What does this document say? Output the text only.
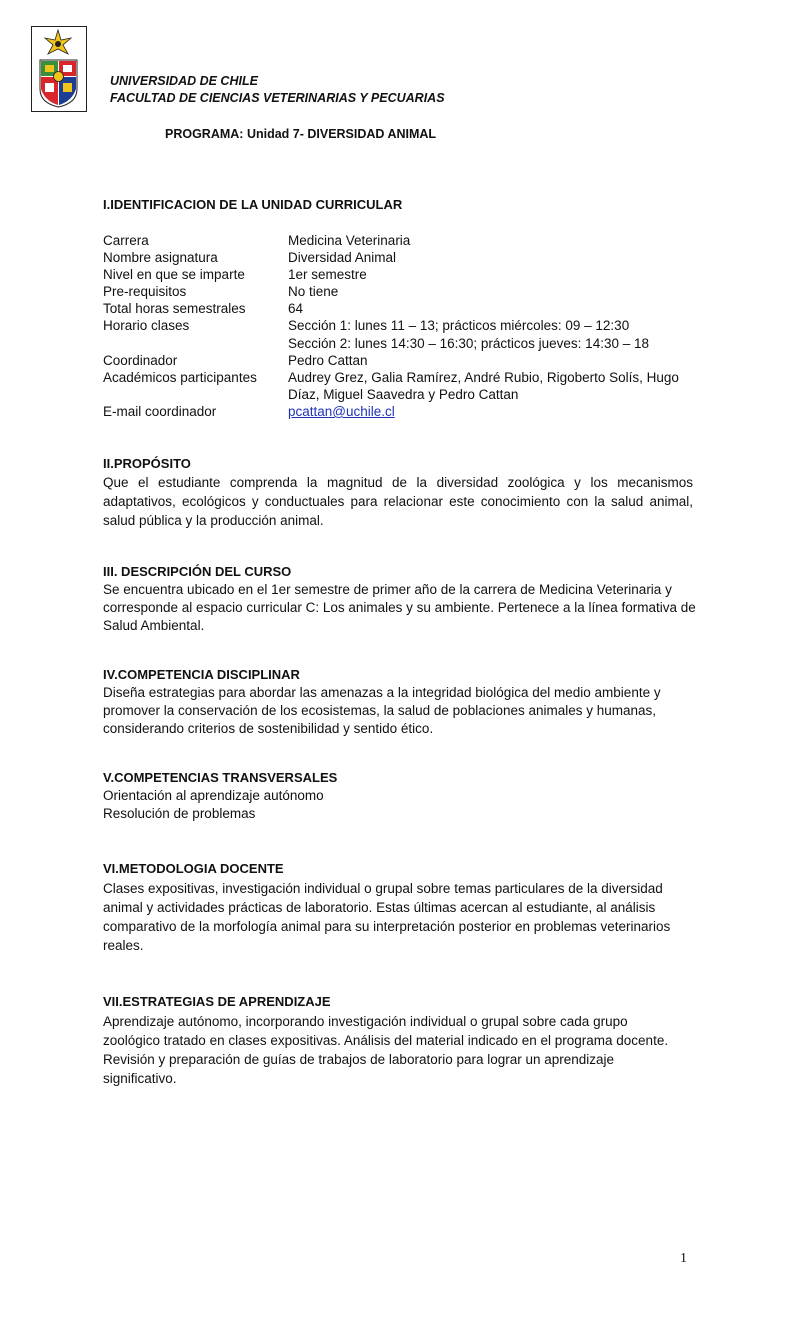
UNIVERSIDAD DE CHILE
FACULTAD DE CIENCIAS VETERINARIAS Y PECUARIAS
PROGRAMA: Unidad 7- DIVERSIDAD ANIMAL
I.IDENTIFICACION DE LA UNIDAD CURRICULAR
Carrera	Medicina Veterinaria
Nombre asignatura	Diversidad Animal
Nivel en que se imparte	1er semestre
Pre-requisitos	No tiene
Total horas semestrales	64
Horario clases	Sección 1: lunes 11 – 13; prácticos miércoles: 09 – 12:30
Sección 2: lunes 14:30 – 16:30; prácticos jueves: 14:30 – 18
Coordinador	Pedro Cattan
Académicos participantes	Audrey Grez, Galia Ramírez, André Rubio, Rigoberto Solís, Hugo
Díaz, Miguel Saavedra y Pedro Cattan
E-mail coordinador	pcattan@uchile.cl
II.PROPÓSITO
Que el estudiante comprenda la magnitud de la diversidad zoológica y los mecanismos adaptativos, ecológicos y conductuales para relacionar este conocimiento con la salud animal, salud pública y la producción animal.
III. DESCRIPCIÓN DEL CURSO
Se encuentra ubicado en el 1er semestre de primer año de la carrera de Medicina Veterinaria y corresponde al espacio curricular C: Los animales y su ambiente. Pertenece a la línea formativa de Salud Ambiental.
IV.COMPETENCIA DISCIPLINAR
Diseña estrategias para abordar las amenazas a la integridad biológica del medio ambiente y promover la conservación de los ecosistemas, la salud de poblaciones animales y humanas, considerando criterios de sostenibilidad y sentido ético.
V.COMPETENCIAS TRANSVERSALES
Orientación al aprendizaje autónomo
Resolución de problemas
VI.METODOLOGIA DOCENTE
Clases expositivas, investigación individual o grupal sobre temas particulares de la diversidad animal y actividades prácticas de laboratorio. Estas últimas acercan al estudiante, al análisis comparativo de la morfología animal para su interpretación posterior en problemas veterinarios reales.
VII.ESTRATEGIAS DE APRENDIZAJE
Aprendizaje autónomo, incorporando investigación individual o grupal sobre cada grupo zoológico tratado en clases expositivas. Análisis del material indicado en el programa docente. Revisión y preparación de guías de trabajos de laboratorio para lograr un aprendizaje significativo.
1
